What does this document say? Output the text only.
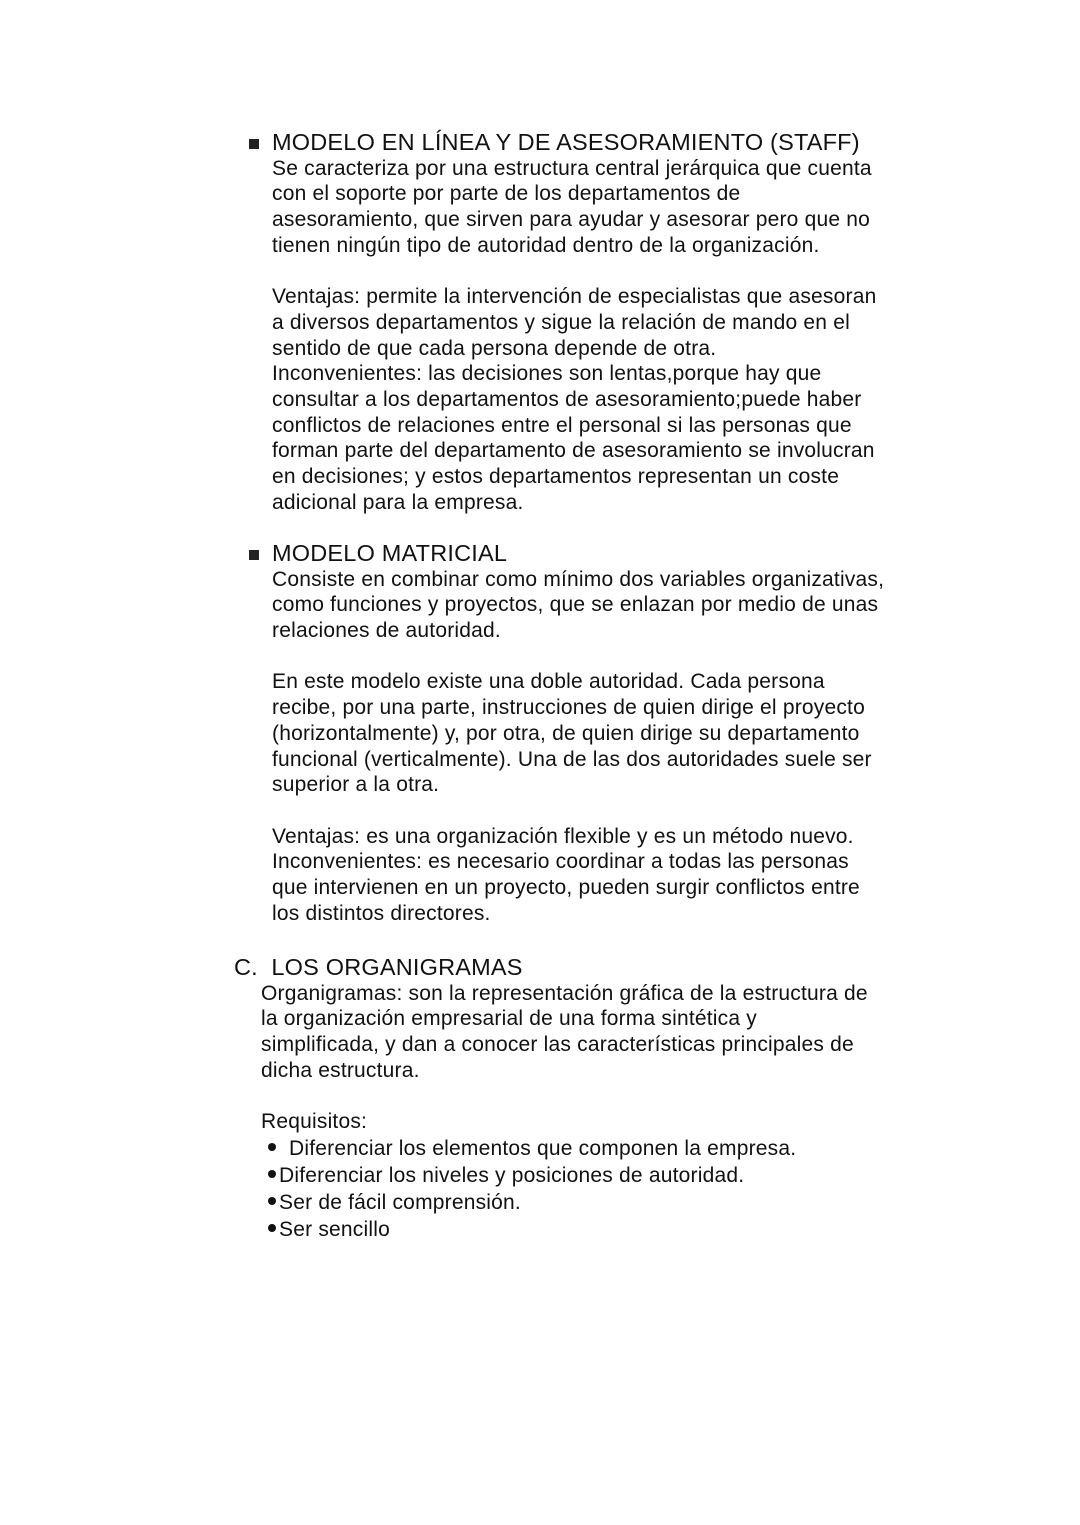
MODELO EN LÍNEA Y DE ASESORAMIENTO (STAFF)
Se caracteriza por una estructura central jerárquica que cuenta
con el soporte por parte de los departamentos de
asesoramiento, que sirven para ayudar y asesorar pero que no
tienen ningún tipo de autoridad dentro de la organización.
Ventajas: permite la intervención de especialistas que asesoran
a diversos departamentos y sigue la relación de mando en el
sentido de que cada persona depende de otra.
Inconvenientes: las decisiones son lentas,porque hay que
consultar a los departamentos de asesoramiento;puede haber
conflictos de relaciones entre el personal si las personas que
forman parte del departamento de asesoramiento se involucran
en decisiones; y estos departamentos representan un coste
adicional para la empresa.
MODELO MATRICIAL
Consiste en combinar como mínimo dos variables organizativas,
como funciones y proyectos, que se enlazan por medio de unas
relaciones de autoridad.
En este modelo existe una doble autoridad. Cada persona
recibe, por una parte, instrucciones de quien dirige el proyecto
(horizontalmente) y, por otra, de quien dirige su departamento
funcional (verticalmente). Una de las dos autoridades suele ser
superior a la otra.
Ventajas: es una organización flexible y es un método nuevo.
Inconvenientes: es necesario coordinar a todas las personas
que intervienen en un proyecto, pueden surgir conflictos entre
los distintos directores.
C.  LOS ORGANIGRAMAS
Organigramas: son la representación gráfica de la estructura de
la organización empresarial de una forma sintética y
simplificada, y dan a conocer las características principales de
dicha estructura.
Requisitos:
Diferenciar los elementos que componen la empresa.
Diferenciar los niveles y posiciones de autoridad.
Ser de fácil comprensión.
Ser sencillo
